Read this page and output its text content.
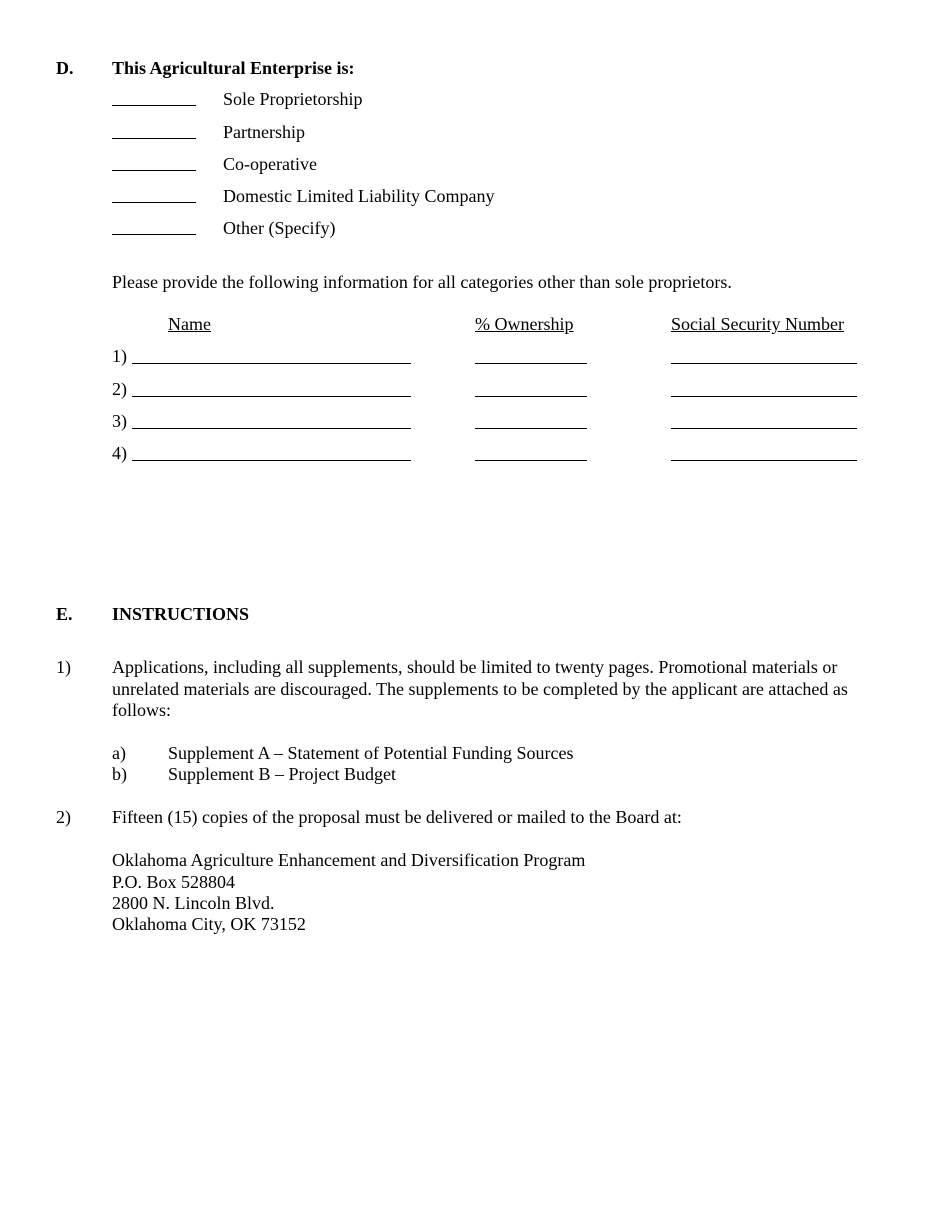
D. This Agricultural Enterprise is:
Sole Proprietorship
Partnership
Co-operative
Domestic Limited Liability Company
Other (Specify)
Please provide the following information for all categories other than sole proprietors.
Name	% Ownership	Social Security Number
1)
2)
3)
4)
E. INSTRUCTIONS
1) Applications, including all supplements, should be limited to twenty pages. Promotional materials or
unrelated materials are discouraged. The supplements to be completed by the applicant are attached as
follows:
a) Supplement A – Statement of Potential Funding Sources
b) Supplement B – Project Budget
2) Fifteen (15) copies of the proposal must be delivered or mailed to the Board at:
Oklahoma Agriculture Enhancement and Diversification Program
P.O. Box 528804
2800 N. Lincoln Blvd.
Oklahoma City, OK 73152
